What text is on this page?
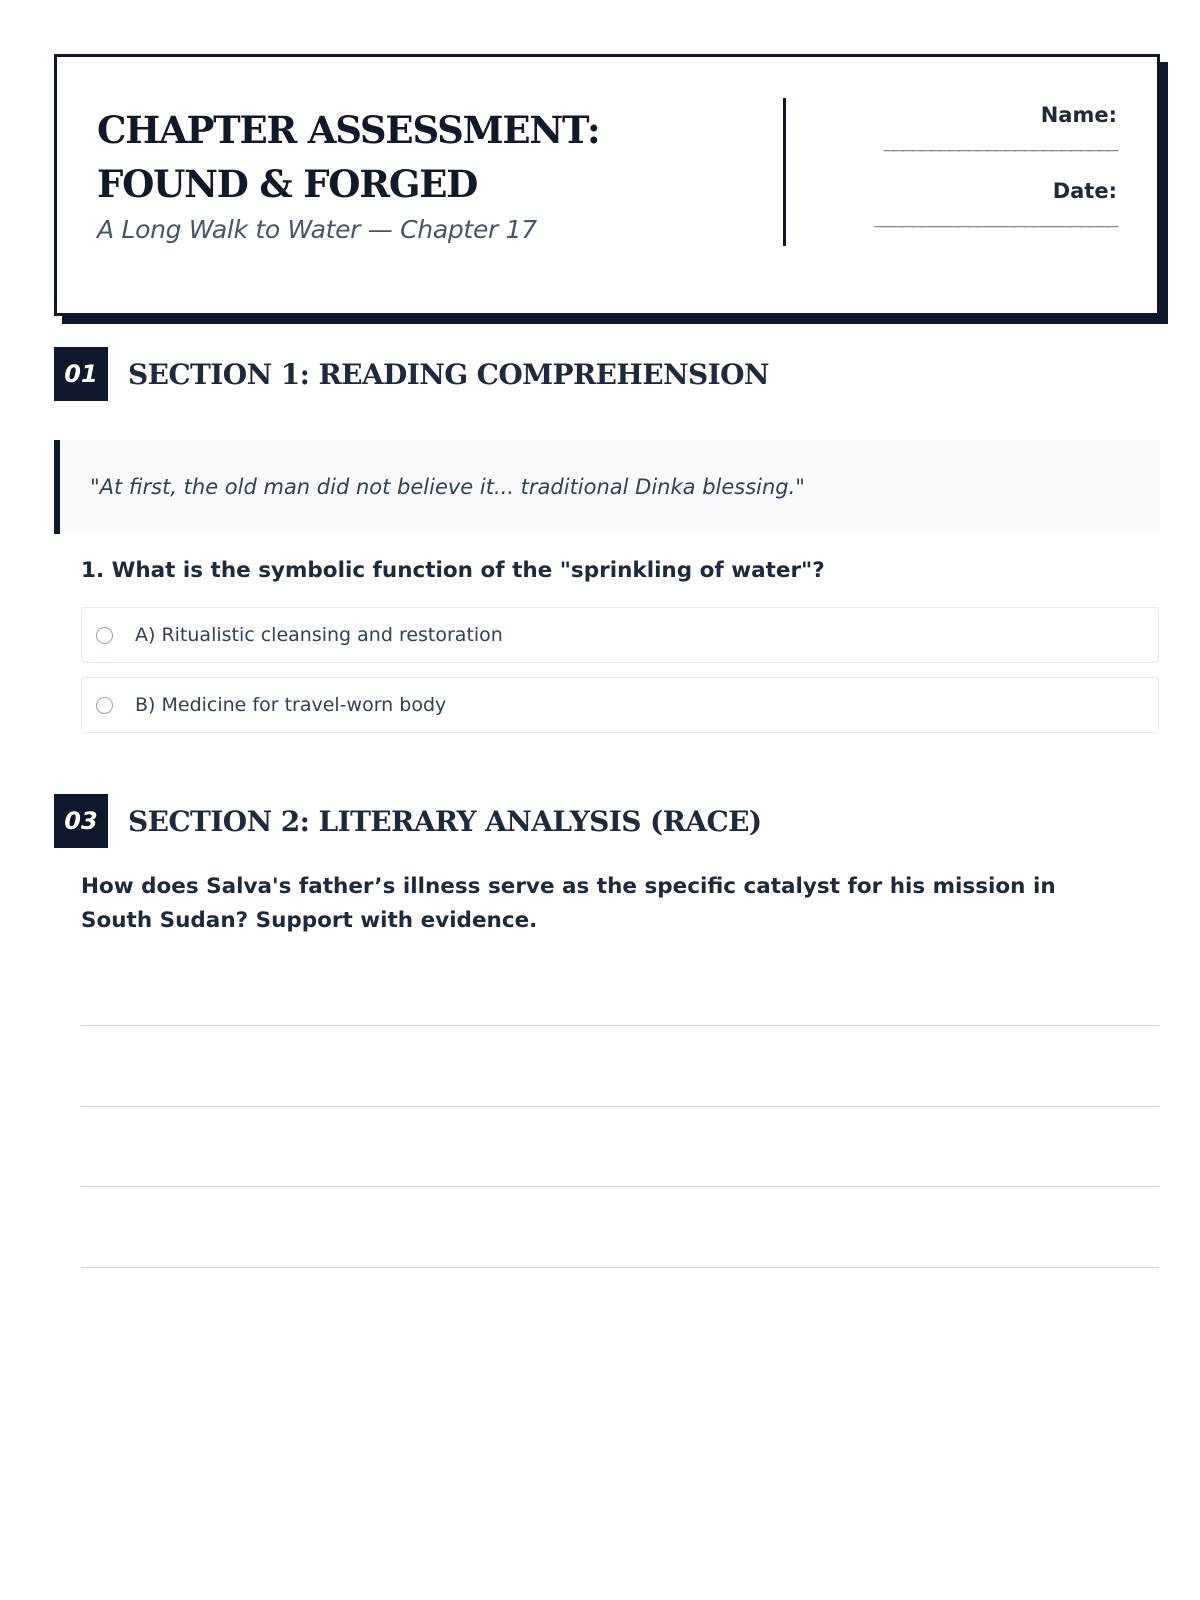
CHAPTER ASSESSMENT: FOUND & FORGED
A Long Walk to Water — Chapter 17
Name:
_________________________
Date:
__________________________
01	SECTION 1: READING COMPREHENSION
"At first, the old man did not believe it... traditional Dinka blessing."
1. What is the symbolic function of the "sprinkling of water"?
A) Ritualistic cleansing and restoration
B) Medicine for travel-worn body
03	SECTION 2: LITERARY ANALYSIS (RACE)
How does Salva's father’s illness serve as the specific catalyst for his mission in South Sudan? Support with evidence.
